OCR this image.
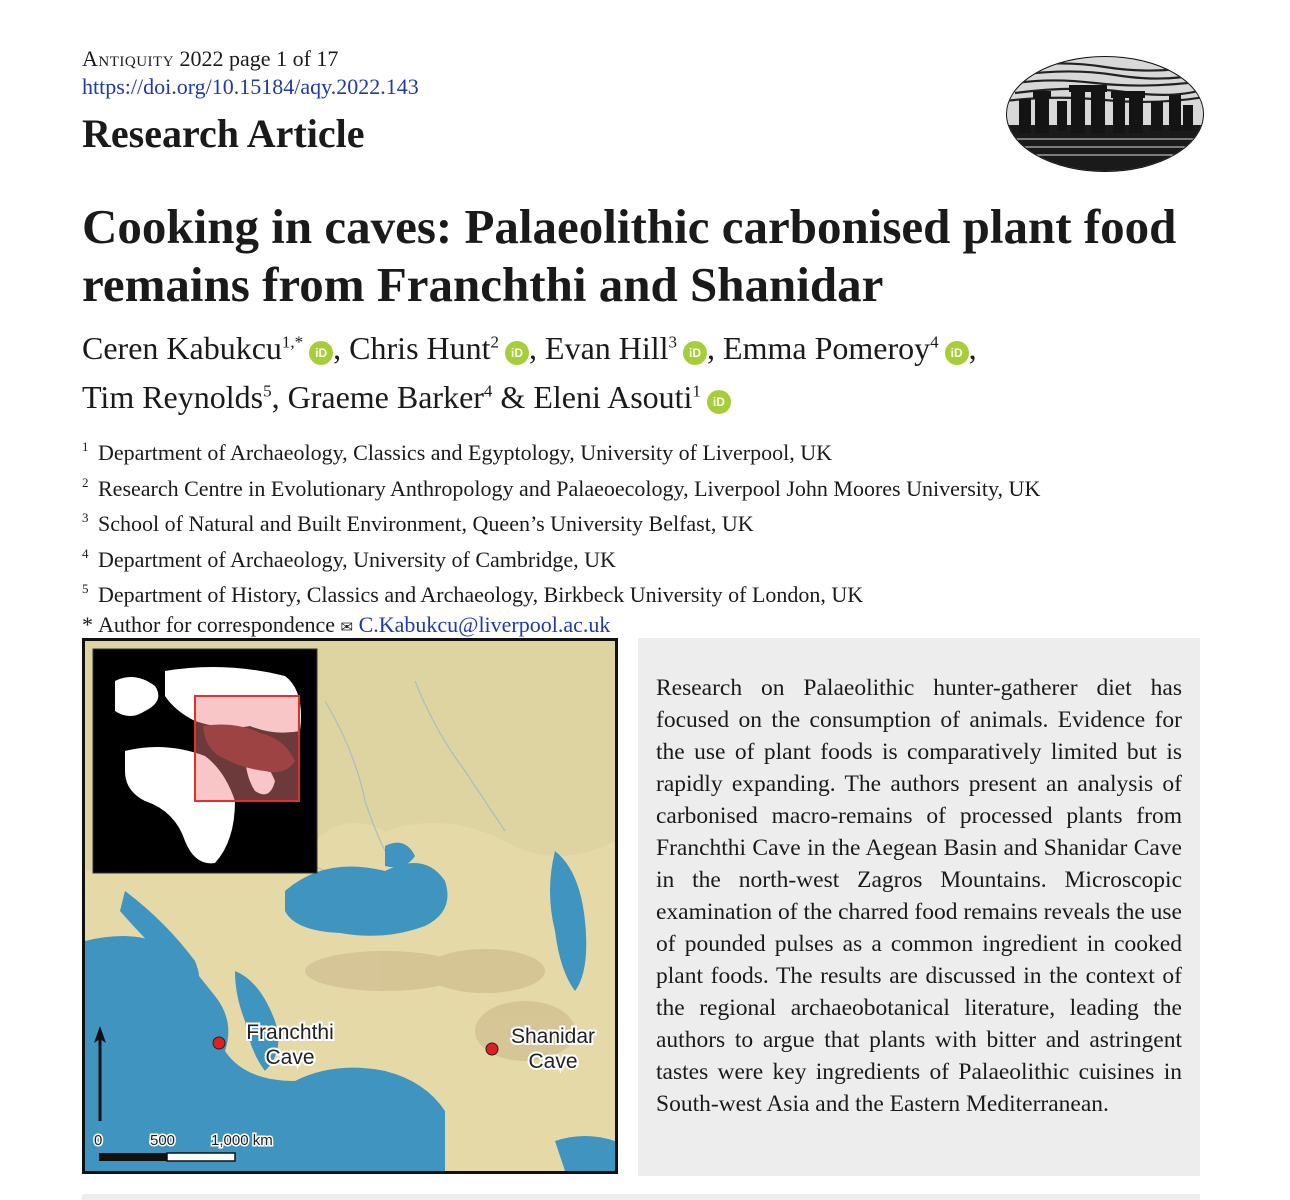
Antiquity 2022 page 1 of 17
https://doi.org/10.15184/aqy.2022.143
Research Article
Cooking in caves: Palaeolithic carbonised plant food remains from Franchthi and Shanidar
Ceren Kabukcu$^{1,*}$iD , Chris Hunt$^2$iD , Evan Hill$^3$iD , Emma Pomeroy$^4$iD ,
Tim Reynolds$^5$, Graeme Barker$^4$ & Eleni Asouti$^1$iD
$^1$ Department of Archaeology, Classics and Egyptology, University of Liverpool, UK
$^2$ Research Centre in Evolutionary Anthropology and Palaeoecology, Liverpool John Moores University, UK
$^3$ School of Natural and Built Environment, Queen’s University Belfast, UK
$^4$ Department of Archaeology, University of Cambridge, UK
$^5$ Department of History, Classics and Archaeology, Birkbeck University of London, UK
* Author for correspondence ✉ C.Kabukcu@liverpool.ac.uk
Franchthi
Cave
Shanidar
Cave
0	500 1,000 km

Research on Palaeolithic hunter-gatherer diet has focused on the consumption of animals. Evidence for the use of plant foods is comparatively limited but is rapidly expanding. The authors present an analysis of carbonised macro-remains of processed plants from Franchthi Cave in the Aegean Basin and Shanidar Cave in the north-west Zagros Mountains. Microscopic examination of the charred food remains reveals the use of pounded pulses as a common ingredient in cooked plant foods. The results are discussed in the context of the regional archaeobotanical literature, leading the authors to argue that plants with bitter and astringent tastes were key ingredients of Palaeolithic cuisines in South-west Asia and the Eastern Mediterranean.
